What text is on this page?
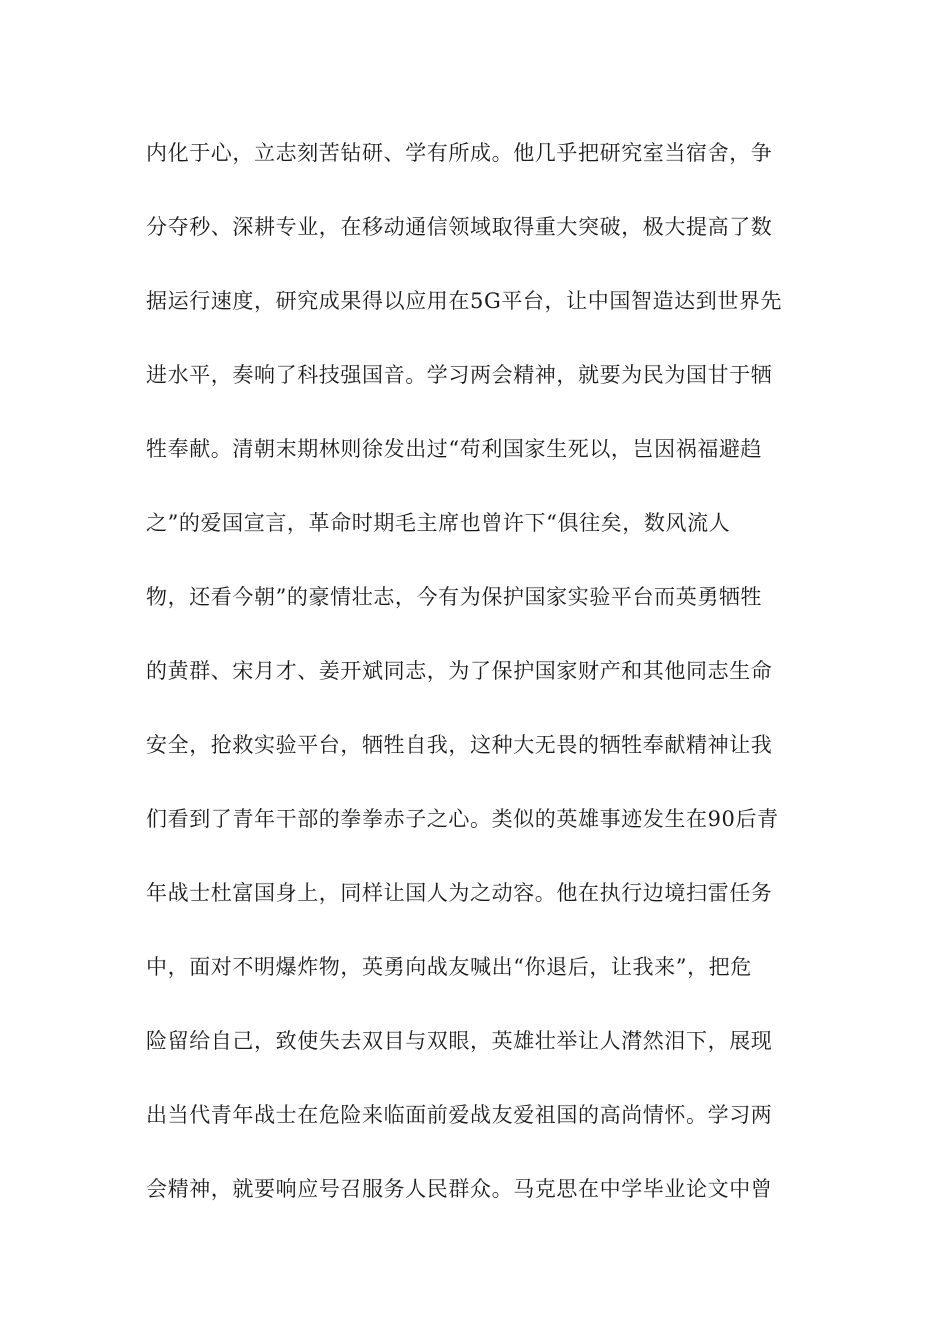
内化于心，立志刻苦钻研、学有所成。他几乎把研究室当宿舍，争

分夺秒、深耕专业，在移动通信领域取得重大突破，极大提高了数

据运行速度，研究成果得以应用在5G平台，让中国智造达到世界先

进水平，奏响了科技强国音。学习两会精神，就要为民为国甘于牺

牲奉献。清朝末期林则徐发出过“苟利国家生死以，岂因祸福避趋

之”的爱国宣言，革命时期毛主席也曾许下“俱往矣，数风流人

物，还看今朝”的豪情壮志，今有为保护国家实验平台而英勇牺牲

的黄群、宋月才、姜开斌同志，为了保护国家财产和其他同志生命

安全，抢救实验平台，牺牲自我，这种大无畏的牺牲奉献精神让我

们看到了青年干部的拳拳赤子之心。类似的英雄事迹发生在90后青

年战士杜富国身上，同样让国人为之动容。他在执行边境扫雷任务

中，面对不明爆炸物，英勇向战友喊出“你退后，让我来”，把危

险留给自己，致使失去双目与双眼，英雄壮举让人潸然泪下，展现

出当代青年战士在危险来临面前爱战友爱祖国的高尚情怀。学习两

会精神，就要响应号召服务人民群众。马克思在中学毕业论文中曾
